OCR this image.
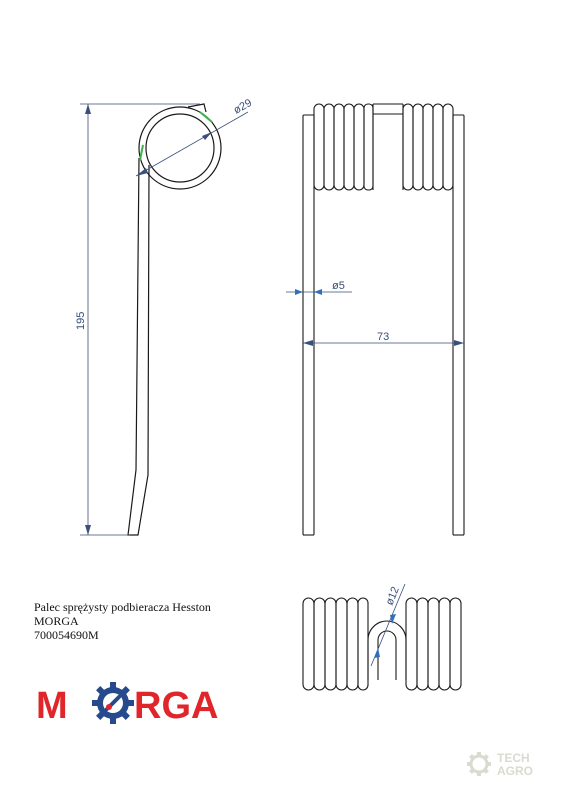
ø29
195
ø5
73
ø12
M RGA
TECH
AGRO
Palec sprężysty podbieracza Hesston
MORGA
700054690M
